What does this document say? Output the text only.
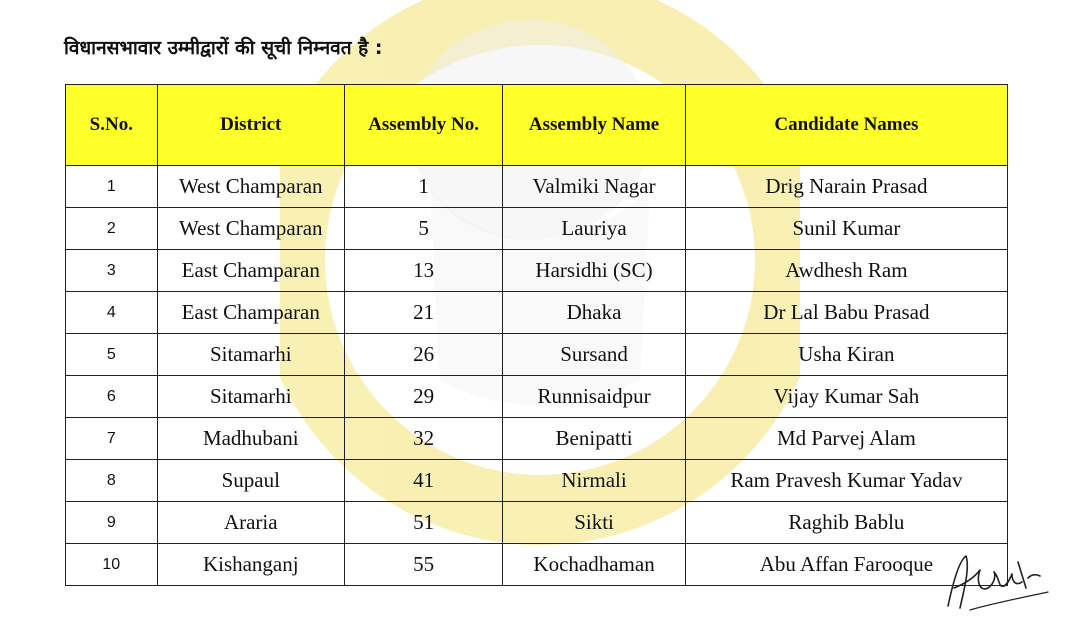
विधानसभावार उम्मीद्वारों की सूची निम्नवत है :
S.No.	District	Assembly No.	Assembly Name	Candidate Names
1	West Champaran	1	Valmiki Nagar	Drig Narain Prasad
2	West Champaran	5	Lauriya	Sunil Kumar
3	East Champaran	13	Harsidhi (SC)	Awdhesh Ram
4	East Champaran	21	Dhaka	Dr Lal Babu Prasad
5	Sitamarhi	26	Sursand	Usha Kiran
6	Sitamarhi	29	Runnisaidpur	Vijay Kumar Sah
7	Madhubani	32	Benipatti	Md Parvej Alam
8	Supaul	41	Nirmali	Ram Pravesh Kumar Yadav
9	Araria	51	Sikti	Raghib Bablu
10	Kishanganj	55	Kochadhaman	Abu Affan Farooque
